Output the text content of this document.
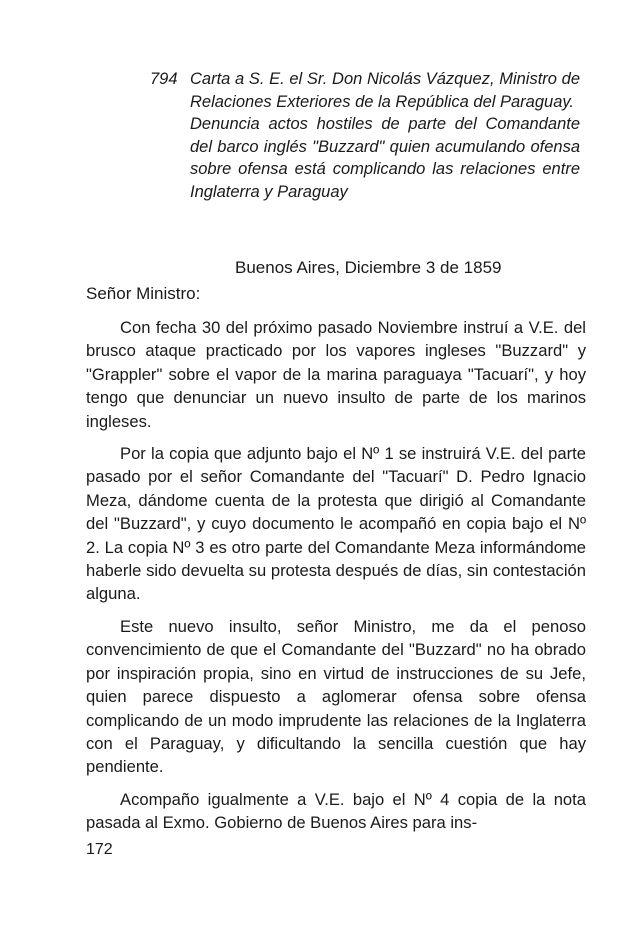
794 Carta a S. E. el Sr. Don Nicolás Vázquez, Ministro de Relaciones Exteriores de la República del Paraguay.

Denuncia actos hostiles de parte del Comandante del barco inglés "Buzzard" quien acumulando ofensa sobre ofensa está complicando las relaciones entre Inglaterra y Paraguay

Buenos Aires, Diciembre 3 de 1859
Señor Ministro:

Con fecha 30 del próximo pasado Noviembre instruí a V.E. del brusco ataque practicado por los vapores ingleses "Buzzard" y "Grappler" sobre el vapor de la marina paraguaya "Tacuarí", y hoy tengo que denunciar un nuevo insulto de parte de los marinos ingleses.

Por la copia que adjunto bajo el Nº 1 se instruirá V.E. del parte pasado por el señor Comandante del "Tacuarí" D. Pedro Ignacio Meza, dándome cuenta de la protesta que dirigió al Comandante del "Buzzard", y cuyo documento le acompañó en copia bajo el Nº 2. La copia Nº 3 es otro parte del Comandante Meza informándome haberle sido devuelta su protesta después de días, sin contestación alguna.

Este nuevo insulto, señor Ministro, me da el penoso convencimiento de que el Comandante del "Buzzard" no ha obrado por inspiración propia, sino en virtud de instrucciones de su Jefe, quien parece dispuesto a aglomerar ofensa sobre ofensa complicando de un modo imprudente las relaciones de la Inglaterra con el Paraguay, y dificultando la sencilla cuestión que hay pendiente.

Acompaño igualmente a V.E. bajo el Nº 4 copia de la nota pasada al Exmo. Gobierno de Buenos Aires para ins-

172
